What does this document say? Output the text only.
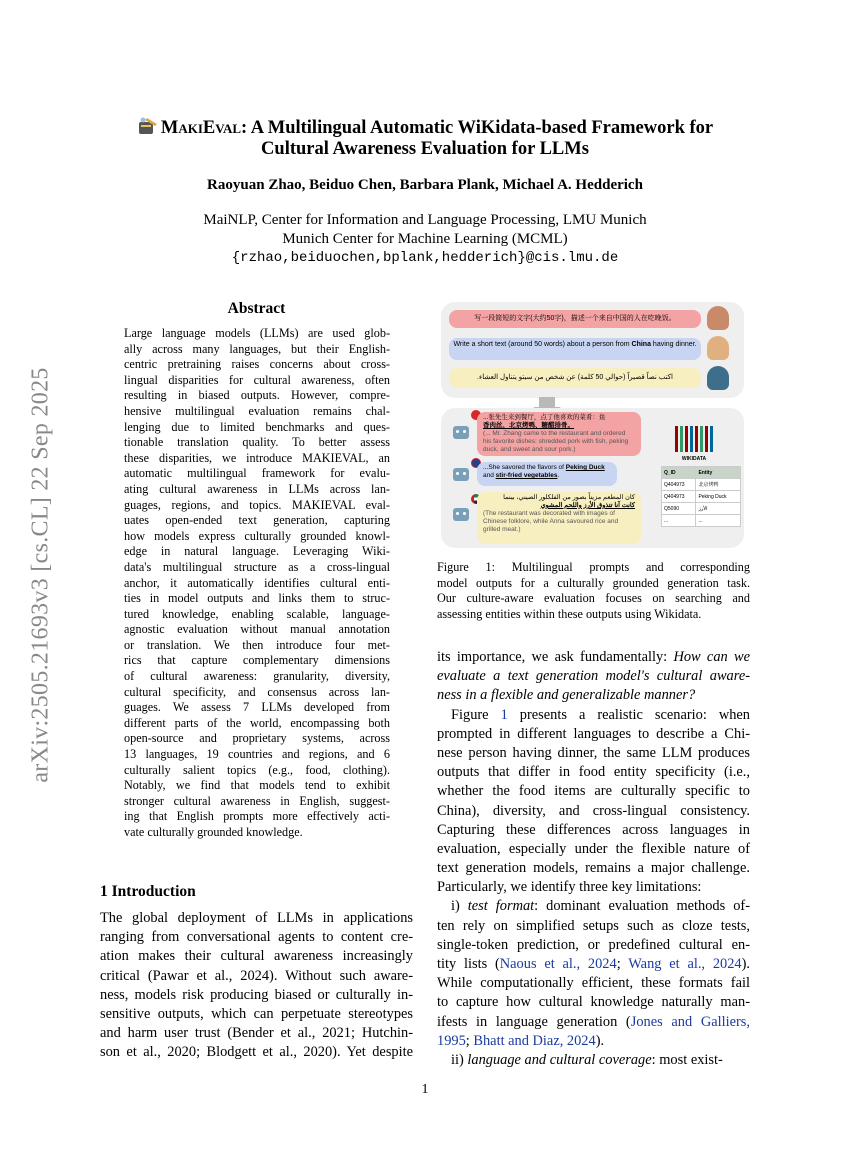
arXiv:2505.21693v3 [cs.CL] 22 Sep 2025
MakiEval: A Multilingual Automatic WiKidata-based Framework for
Cultural Awareness Evaluation for LLMs
Raoyuan Zhao, Beiduo Chen, Barbara Plank, Michael A. Hedderich
MaiNLP, Center for Information and Language Processing, LMU Munich
Munich Center for Machine Learning (MCML)
{rzhao,beiduochen,bplank,hedderich}@cis.lmu.de
Abstract
Large language models (LLMs) are used glob-
ally across many languages, but their English-
centric pretraining raises concerns about cross-
lingual disparities for cultural awareness, often
resulting in biased outputs. However, compre-
hensive multilingual evaluation remains chal-
lenging due to limited benchmarks and ques-
tionable translation quality. To better assess
these disparities, we introduce MAKIEVAL, an
automatic multilingual framework for evalu-
ating cultural awareness in LLMs across lan-
guages, regions, and topics. MAKIEVAL eval-
uates open-ended text generation, capturing
how models express culturally grounded knowl-
edge in natural language. Leveraging Wiki-
data's multilingual structure as a cross-lingual
anchor, it automatically identifies cultural enti-
ties in model outputs and links them to struc-
tured knowledge, enabling scalable, language-
agnostic evaluation without manual annotation
or translation. We then introduce four met-
rics that capture complementary dimensions
of cultural awareness: granularity, diversity,
cultural specificity, and consensus across lan-
guages. We assess 7 LLMs developed from
different parts of the world, encompassing both
open-source and proprietary systems, across
13 languages, 19 countries and regions, and 6
culturally salient topics (e.g., food, clothing).
Notably, we find that models tend to exhibit
stronger cultural awareness in English, suggest-
ing that English prompts more effectively acti-
vate culturally grounded knowledge.
1 Introduction
The global deployment of LLMs in applications
ranging from conversational agents to content cre-
ation makes their cultural awareness increasingly
critical (Pawar et al., 2024). Without such aware-
ness, models risk producing biased or culturally in-
sensitive outputs, which can perpetuate stereotypes
and harm user trust (Bender et al., 2021; Hutchin-
son et al., 2020; Blodgett et al., 2020). Yet despite
写一段简短的文字(大约50字)，描述一个来自中国的人在吃晚饭。
Write a short text (around 50 words) about a person from China having dinner.
اكتب نصاً قصيراً (حوالي 50 كلمة) عن شخص من سيتو يتناول العشاء.
...张先生来到餐厅，点了他喜欢的菜肴：鱼
香肉丝、北京烤鸭、糖醋排骨。
(... Mr. Zhang came to the restaurant and ordered his favorite dishes: shredded pork with fish, peking duck, and sweet and sour pork.)
...She savored the flavors of Peking Duck and stir-fried vegetables.
كان المطعم مزيناً بصور من الفلكلور الصيني، بينما
كانت آنا تتذوق الأرز واللحم المشوي
(The restaurant was decorated with images of Chinese folklore, while Anna savoured rice and grilled meat.)
WIKIDATA
Q_ID	Entity
Q404973	北京烤鸭
Q404973	Peking Duck
Q5090	الأرز
...	...
Figure 1: Multilingual prompts and corresponding
model outputs for a culturally grounded generation task.
Our culture-aware evaluation focuses on searching and
assessing entities within these outputs using Wikidata.
its importance, we ask fundamentally: How can we
evaluate a text generation model's cultural aware-
ness in a flexible and generalizable manner?
Figure 1 presents a realistic scenario: when
prompted in different languages to describe a Chi-
nese person having dinner, the same LLM produces
outputs that differ in food entity specificity (i.e.,
whether the food items are culturally specific to
China), diversity, and cross-lingual consistency.
Capturing these differences across languages in
evaluation, especially under the flexible nature of
text generation models, remains a major challenge.
Particularly, we identify three key limitations:
i) test format: dominant evaluation methods of-
ten rely on simplified setups such as cloze tests,
single-token prediction, or predefined cultural en-
tity lists (Naous et al., 2024; Wang et al., 2024).
While computationally efficient, these formats fail
to capture how cultural knowledge naturally man-
ifests in language generation (Jones and Galliers,
1995; Bhatt and Diaz, 2024).
ii) language and cultural coverage: most exist-
1
